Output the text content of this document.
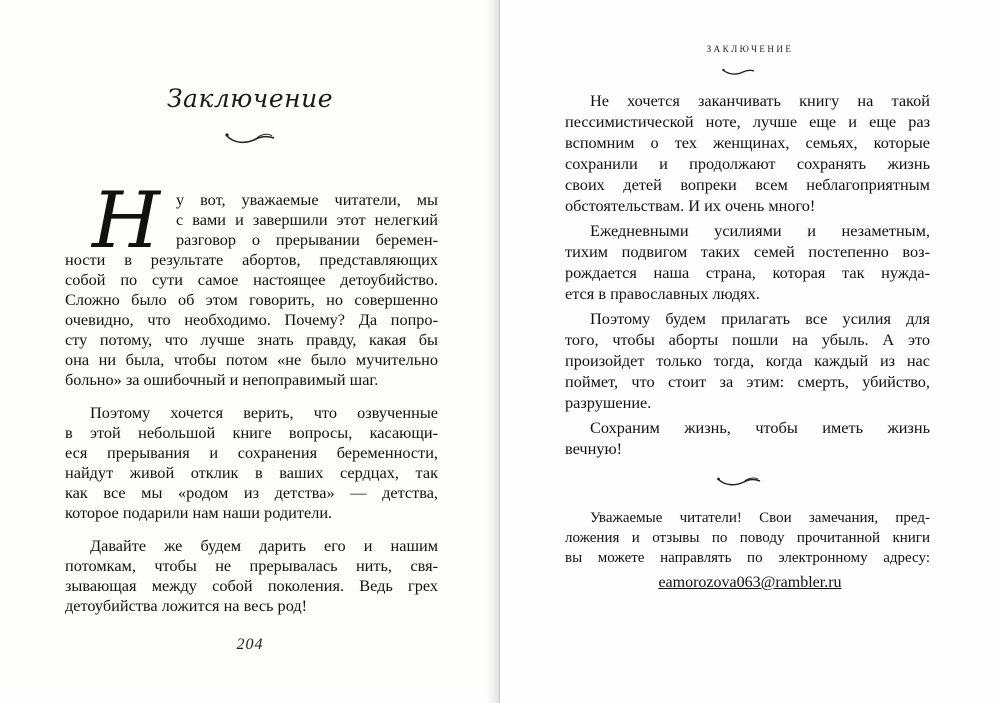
Заключение
Н у вот, уважаемые читатели, мы
с вами и завершили этот нелегкий
разговор о прерывании беремен-
ности в результате абортов, представляющих
собой по сути самое настоящее детоубийство.
Сложно было об этом говорить, но совершенно
очевидно, что необходимо. Почему? Да попро-
сту потому, что лучше знать правду, какая бы
она ни была, чтобы потом «не было мучительно
больно» за ошибочный и непоправимый шаг.
Поэтому хочется верить, что озвученные
в этой небольшой книге вопросы, касающи-
еся прерывания и сохранения беременности,
найдут живой отклик в ваших сердцах, так
как все мы «родом из детства» — детства,
которое подарили нам наши родители.
Давайте же будем дарить его и нашим
потомкам, чтобы не прерывалась нить, свя-
зывающая между собой поколения. Ведь грех
детоубийства ложится на весь род!
204
ЗАКЛЮЧЕНИЕ
Не хочется заканчивать книгу на такой
пессимистической ноте, лучше еще и еще раз
вспомним о тех женщинах, семьях, которые
сохранили и продолжают сохранять жизнь
своих детей вопреки всем неблагоприятным
обстоятельствам. И их очень много!
Ежедневными усилиями и незаметным,
тихим подвигом таких семей постепенно воз-
рождается наша страна, которая так нужда-
ется в православных людях.
Поэтому будем прилагать все усилия для
того, чтобы аборты пошли на убыль. А это
произойдет только тогда, когда каждый из нас
поймет, что стоит за этим: смерть, убийство,
разрушение.
Сохраним жизнь, чтобы иметь жизнь
вечную!
Уважаемые читатели! Свои замечания, пред-
ложения и отзывы по поводу прочитанной книги
вы можете направлять по электронному адресу:
eamorozova063@rambler.ru
